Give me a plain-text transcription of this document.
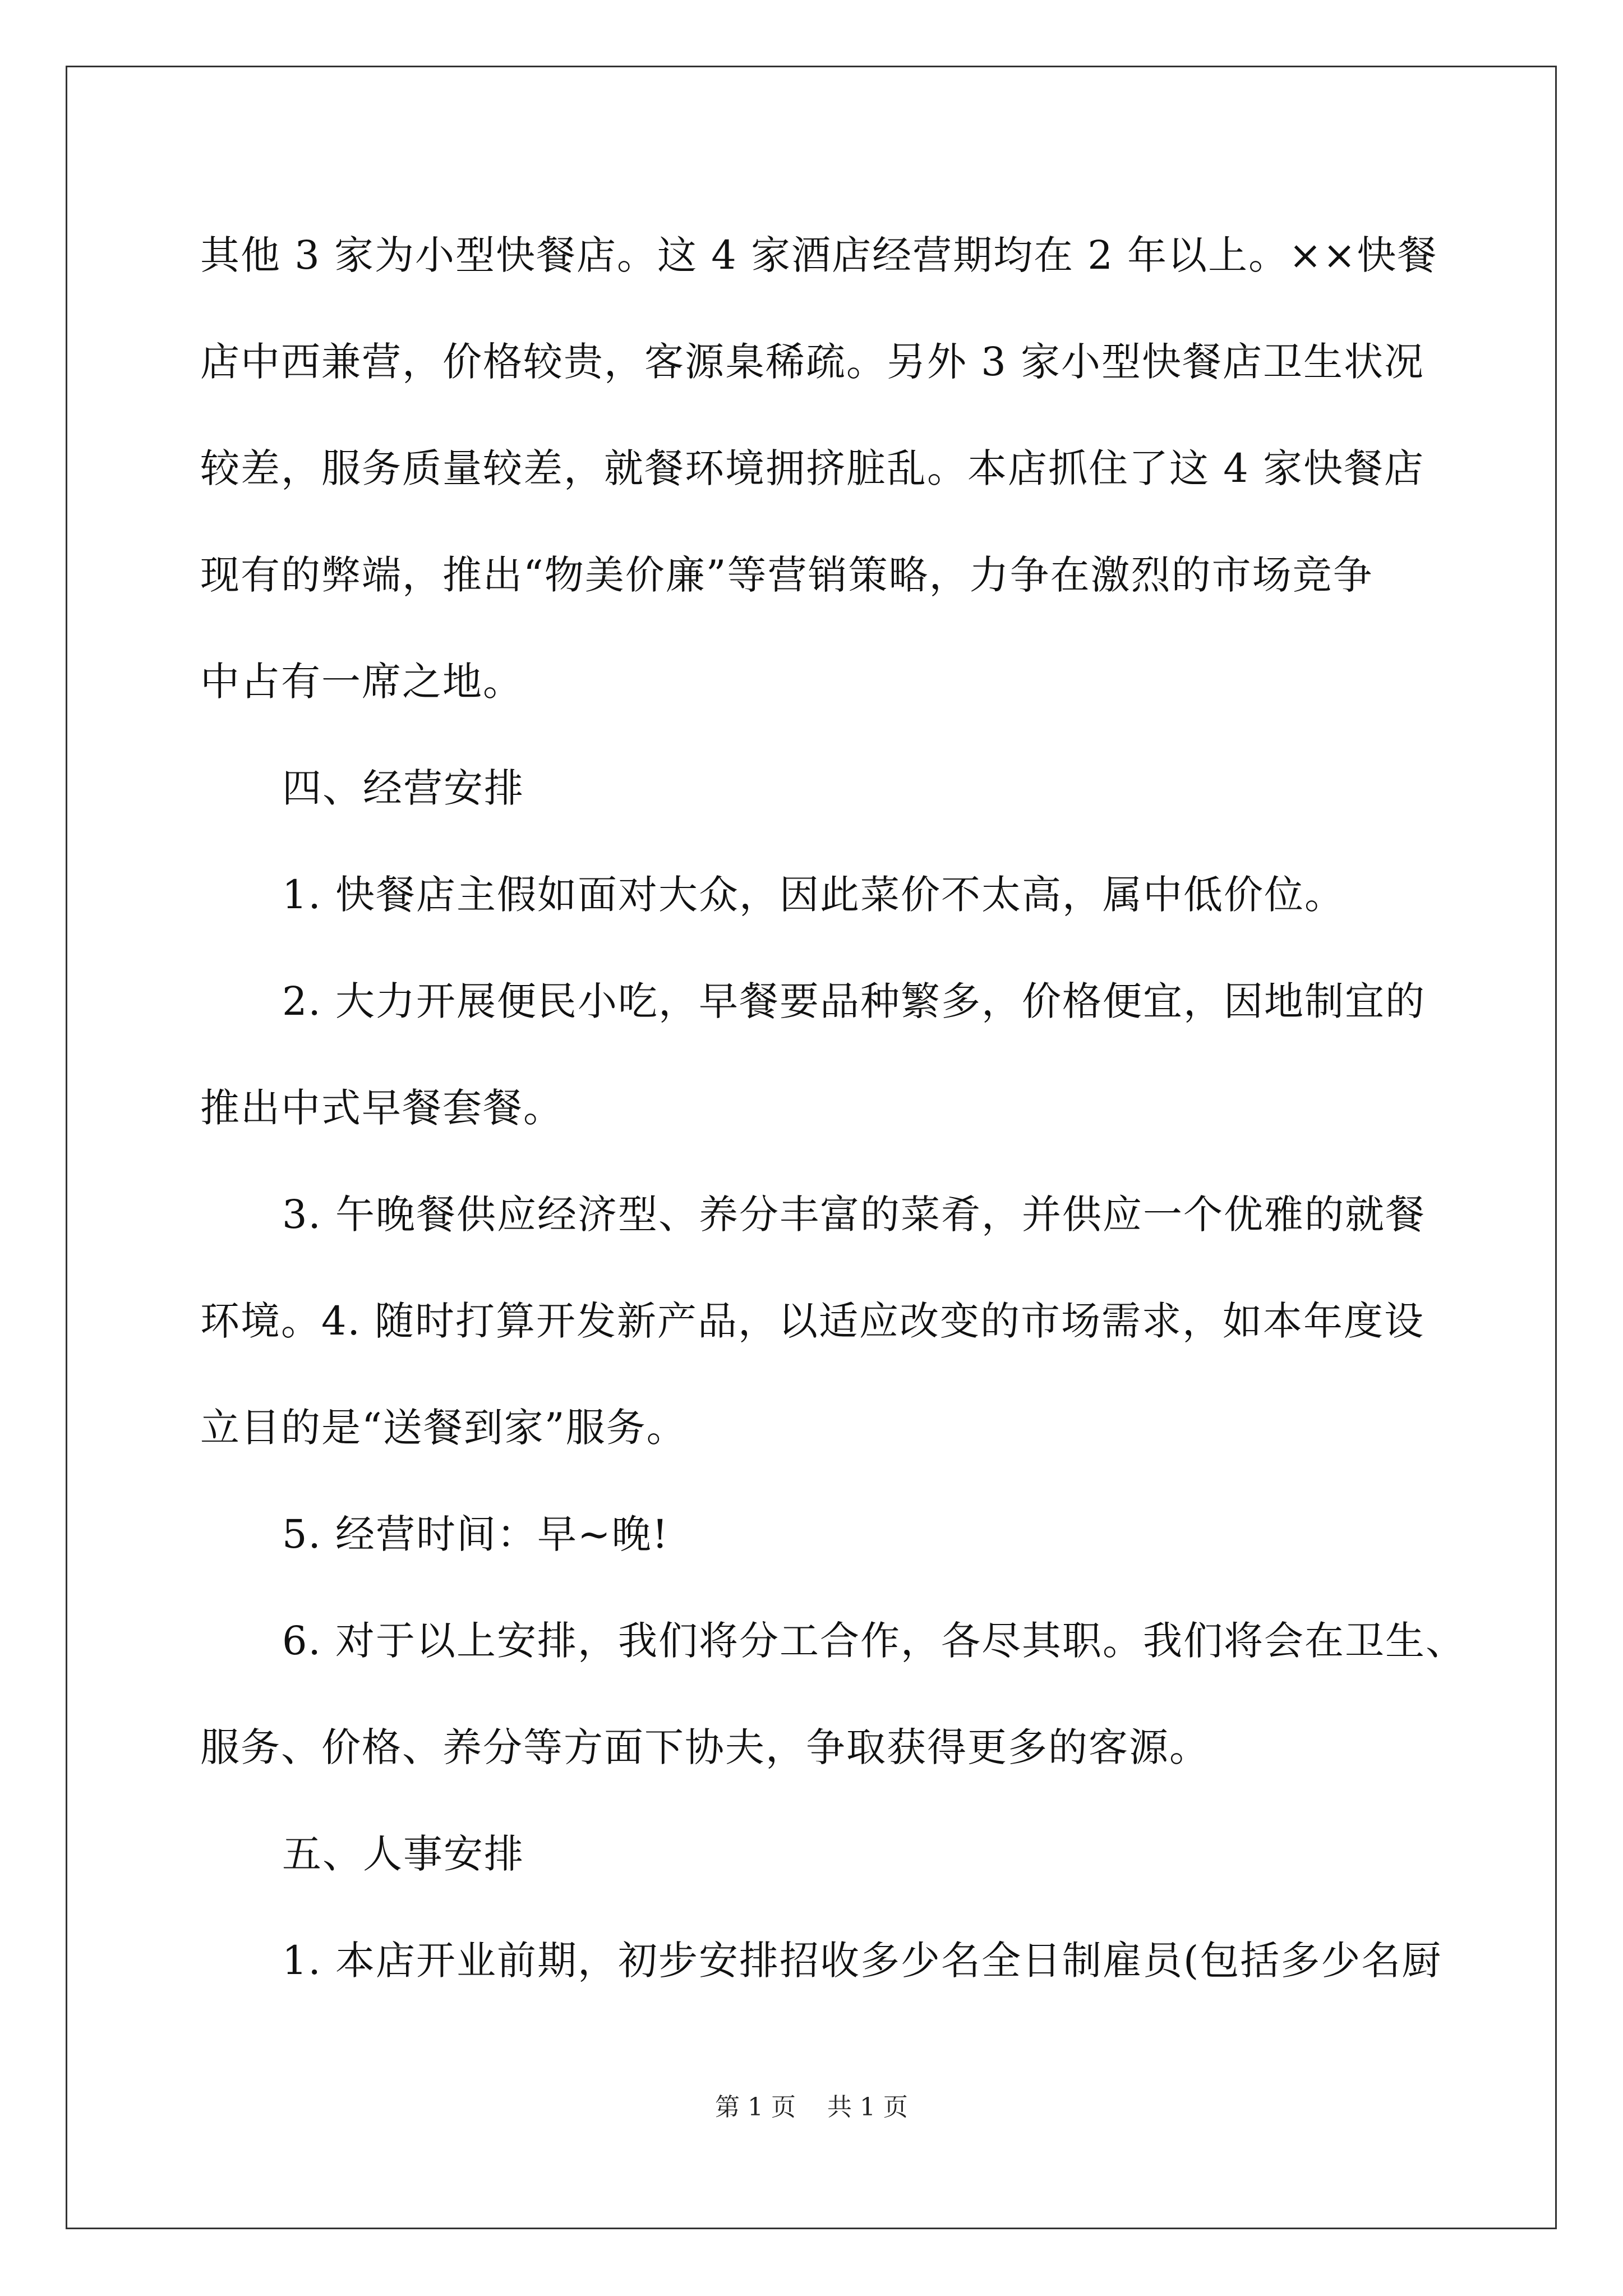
其他 3 家为小型快餐店。这 4 家酒店经营期均在 2 年以上。××快餐

店中西兼营，价格较贵，客源臬稀疏。另外 3 家小型快餐店卫生状况

较差，服务质量较差，就餐环境拥挤脏乱。本店抓住了这 4 家快餐店

现有的弊端，推出“物美价廉”等营销策略，力争在激烈的市场竞争

中占有一席之地。

四、经营安排

1. 快餐店主假如面对大众，因此菜价不太高，属中低价位。

2. 大力开展便民小吃，早餐要品种繁多，价格便宜，因地制宜的

推出中式早餐套餐。

3. 午晚餐供应经济型、养分丰富的菜肴，并供应一个优雅的就餐

环境。4. 随时打算开发新产品，以适应改变的市场需求，如本年度设

立目的是“送餐到家”服务。

5. 经营时间：早~晚!

6. 对于以上安排，我们将分工合作，各尽其职。我们将会在卫生、

服务、价格、养分等方面下协夫，争取获得更多的客源。

五、人事安排

1. 本店开业前期，初步安排招收多少名全日制雇员(包括多少名厨

第 1 页    共 1 页
